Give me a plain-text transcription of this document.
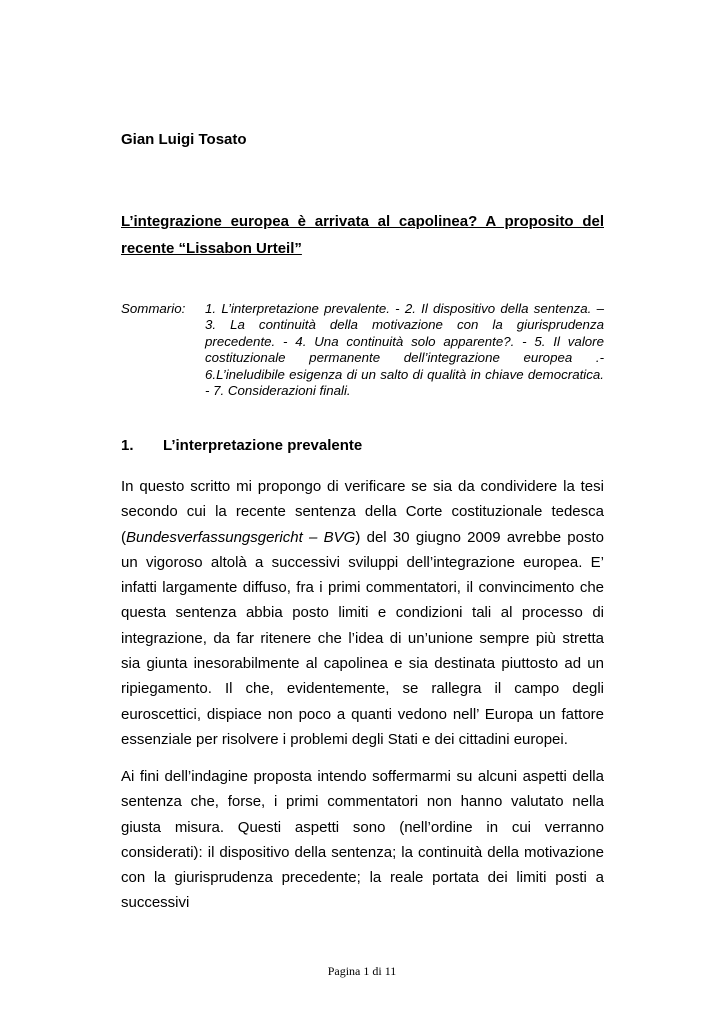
Gian Luigi Tosato
L’integrazione europea è arrivata al capolinea? A proposito del recente “Lissabon Urteil”
Sommario: 1. L’interpretazione prevalente. - 2. Il dispositivo della sentenza. – 3. La continuità della motivazione con la giurisprudenza precedente. - 4. Una continuità solo apparente?. - 5. Il valore costituzionale permanente dell’integrazione europea .- 6.L’ineludibile esigenza di un salto di qualità in chiave democratica. - 7. Considerazioni finali.
1. L’interpretazione prevalente

In questo scritto mi propongo di verificare se sia da condividere la tesi secondo cui la recente sentenza della Corte costituzionale tedesca (Bundesverfassungsgericht – BVG) del 30 giugno 2009 avrebbe posto un vigoroso altolà a successivi sviluppi dell’integrazione europea. E’ infatti largamente diffuso, fra i primi commentatori, il convincimento che questa sentenza abbia posto limiti e condizioni tali al processo di integrazione, da far ritenere che l’idea di un’unione sempre più stretta sia giunta inesorabilmente al capolinea e sia destinata piuttosto ad un ripiegamento. Il che, evidentemente, se rallegra il campo degli euroscettici, dispiace non poco a quanti vedono nell’ Europa un fattore essenziale per risolvere i problemi degli Stati e dei cittadini europei.

Ai fini dell’indagine proposta intendo soffermarmi su alcuni aspetti della sentenza che, forse, i primi commentatori non hanno valutato nella giusta misura. Questi aspetti sono (nell’ordine in cui verranno considerati): il dispositivo della sentenza; la continuità della motivazione con la giurisprudenza precedente; la reale portata dei limiti posti a successivi

Pagina 1 di 11
